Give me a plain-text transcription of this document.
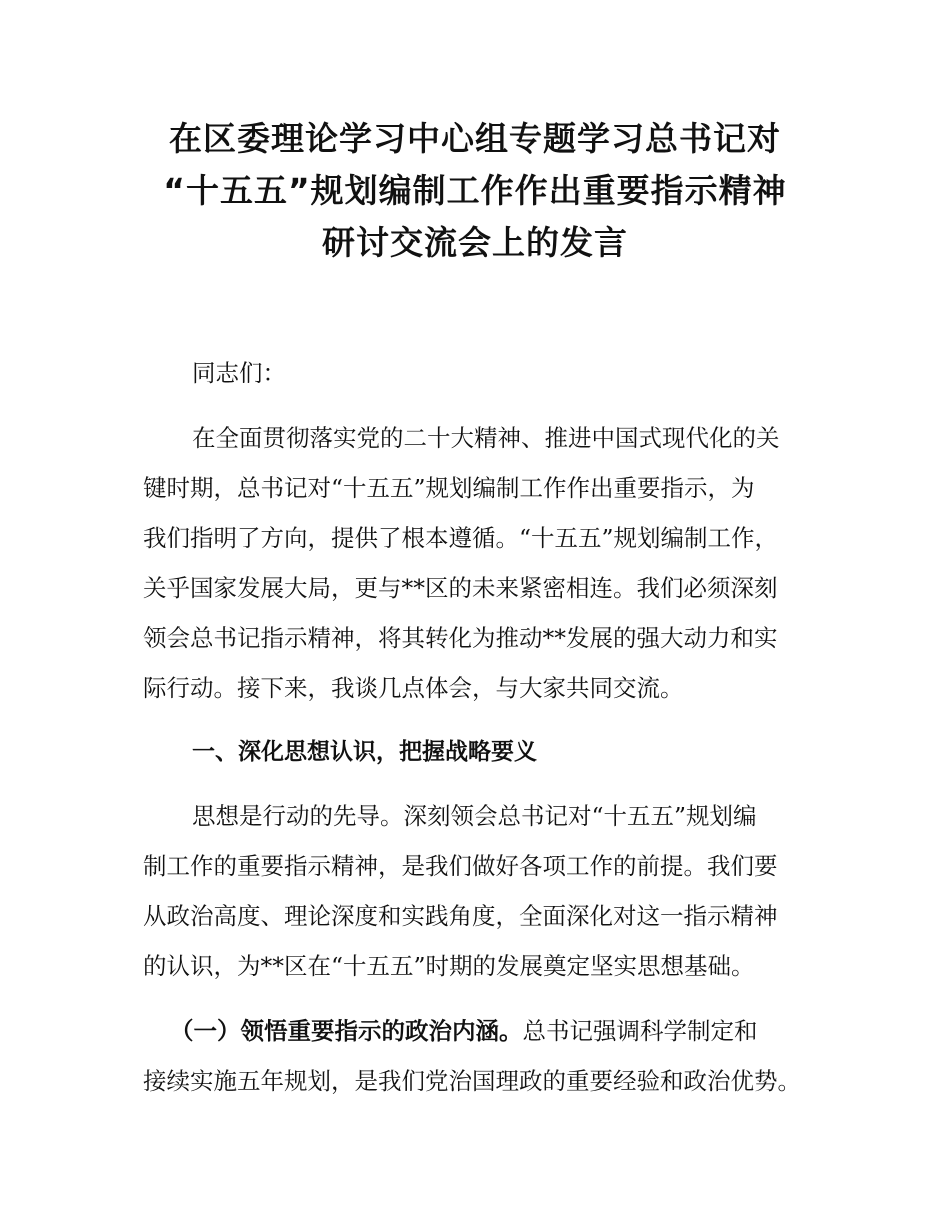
在区委理论学习中心组专题学习总书记对
“十五五”规划编制工作作出重要指示精神
研讨交流会上的发言

同志们：

在全面贯彻落实党的二十大精神、推进中国式现代化的关

键时期，总书记对“十五五”规划编制工作作出重要指示，为

我们指明了方向，提供了根本遵循。“十五五”规划编制工作，

关乎国家发展大局，更与**区的未来紧密相连。我们必须深刻

领会总书记指示精神，将其转化为推动**发展的强大动力和实

际行动。接下来，我谈几点体会，与大家共同交流。

一、深化思想认识，把握战略要义

思想是行动的先导。深刻领会总书记对“十五五”规划编

制工作的重要指示精神，是我们做好各项工作的前提。我们要

从政治高度、理论深度和实践角度，全面深化对这一指示精神

的认识，为**区在“十五五”时期的发展奠定坚实思想基础。

（一）领悟重要指示的政治内涵。总书记强调科学制定和

接续实施五年规划，是我们党治国理政的重要经验和政治优势。
